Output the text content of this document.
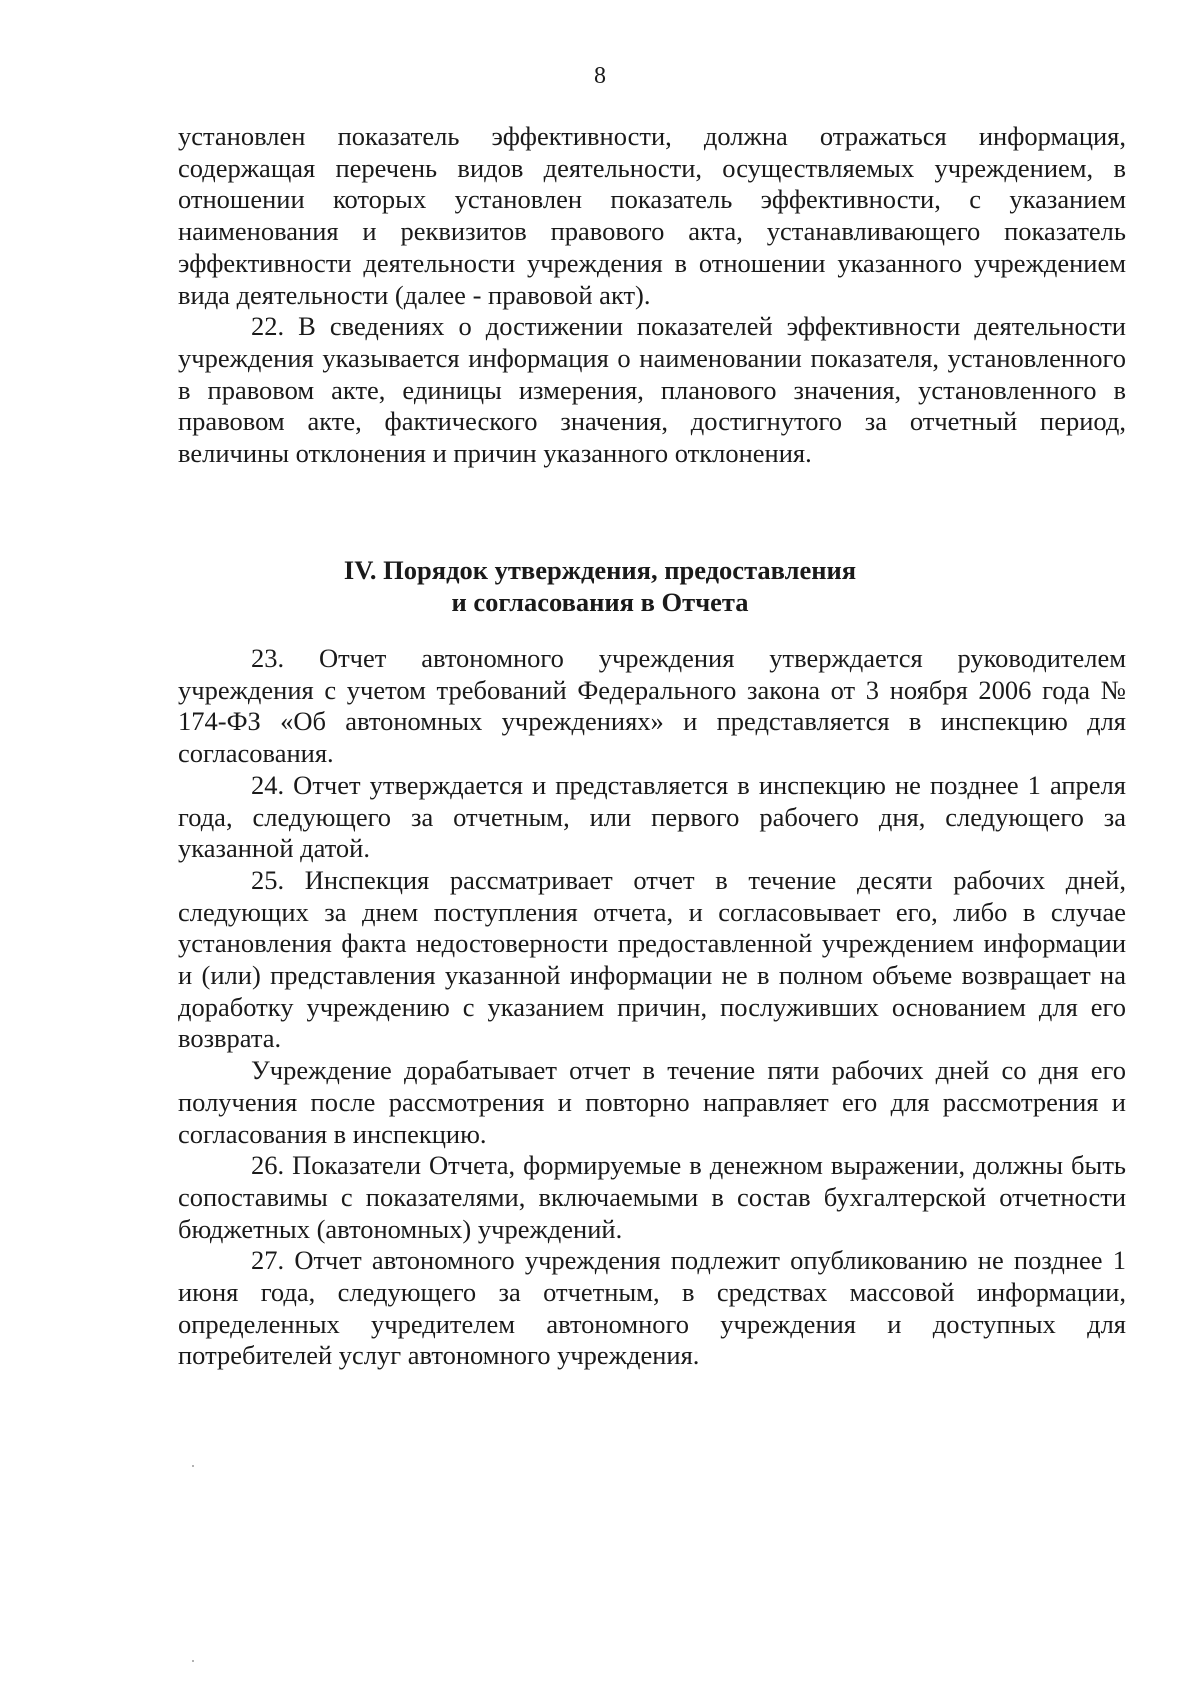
8

установлен показатель эффективности, должна отражаться информация, содержащая перечень видов деятельности, осуществляемых учреждением, в отношении которых установлен показатель эффективности, с указанием наименования и реквизитов правового акта, устанавливающего показатель эффективности деятельности учреждения в отношении указанного учреждением вида деятельности (далее - правовой акт).

22. В сведениях о достижении показателей эффективности деятельности учреждения указывается информация о наименовании показателя, установленного в правовом акте, единицы измерения, планового значения, установленного в правовом акте, фактического значения, достигнутого за отчетный период, величины отклонения и причин указанного отклонения.

IV. Порядок утверждения, предоставления
и согласования в Отчета

23. Отчет автономного учреждения утверждается руководителем учреждения с учетом требований Федерального закона от 3 ноября 2006 года № 174-ФЗ «Об автономных учреждениях» и представляется в инспекцию для согласования.

24. Отчет утверждается и представляется в инспекцию не позднее 1 апреля года, следующего за отчетным, или первого рабочего дня, следующего за указанной датой.

25. Инспекция рассматривает отчет в течение десяти рабочих дней, следующих за днем поступления отчета, и согласовывает его, либо в случае установления факта недостоверности предоставленной учреждением информации и (или) представления указанной информации не в полном объеме возвращает на доработку учреждению с указанием причин, послуживших основанием для его возврата.

Учреждение дорабатывает отчет в течение пяти рабочих дней со дня его получения после рассмотрения и повторно направляет его для рассмотрения и согласования в инспекцию.

26. Показатели Отчета, формируемые в денежном выражении, должны быть сопоставимы с показателями, включаемыми в состав бухгалтерской отчетности бюджетных (автономных) учреждений.

27. Отчет автономного учреждения подлежит опубликованию не позднее 1 июня года, следующего за отчетным, в средствах массовой информации, определенных учредителем автономного учреждения и доступных для потребителей услуг автономного учреждения.
